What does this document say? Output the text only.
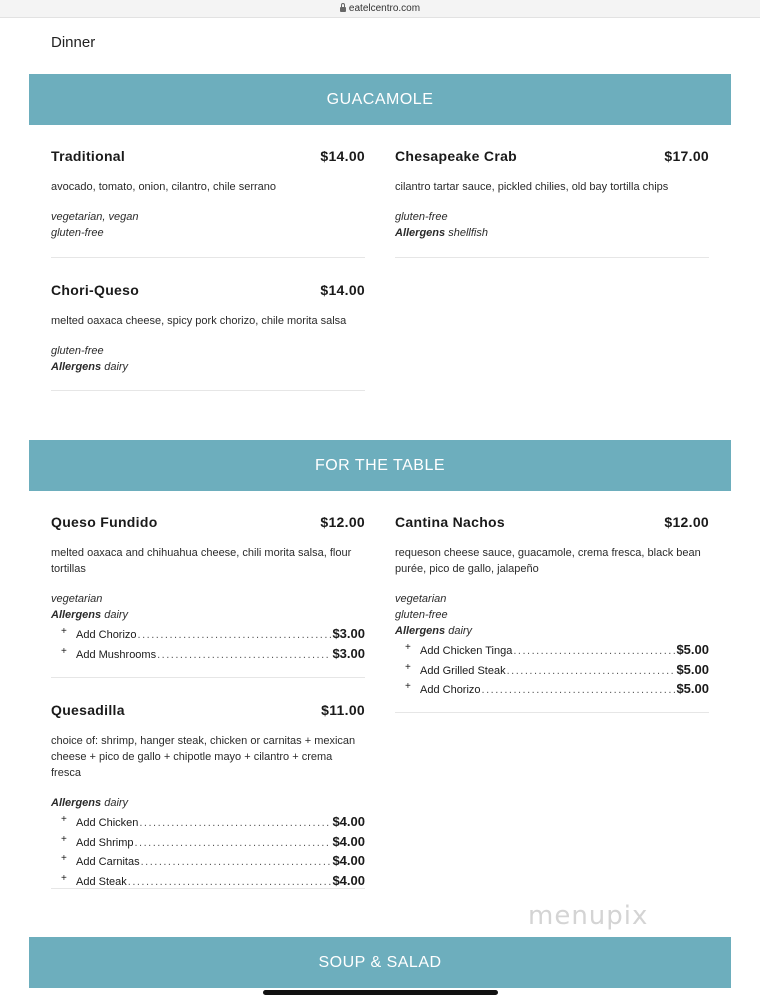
eatelcentro.com
Dinner
GUACAMOLE
Traditional	$14.00
avocado, tomato, onion, cilantro, chile serrano
vegetarian, vegan
gluten-free
Chesapeake Crab	$17.00
cilantro tartar sauce, pickled chilies, old bay tortilla chips
gluten-free
Allergens shellfish
Chori-Queso	$14.00
melted oaxaca cheese, spicy pork chorizo, chile morita salsa
gluten-free
Allergens dairy
FOR THE TABLE
Queso Fundido	$12.00
melted oaxaca and chihuahua cheese, chili morita salsa, flour tortillas
vegetarian
Allergens dairy
+ Add Chorizo .....	$3.00
+ Add Mushrooms .....	$3.00
Cantina Nachos	$12.00
requeson cheese sauce, guacamole, crema fresca, black bean purée, pico de gallo, jalapeño
vegetarian
gluten-free
Allergens dairy
+ Add Chicken Tinga .....	$5.00
+ Add Grilled Steak .....	$5.00
+ Add Chorizo .....	$5.00
Quesadilla	$11.00
choice of: shrimp, hanger steak, chicken or carnitas + mexican cheese + pico de gallo + chipotle mayo + cilantro + crema fresca
Allergens dairy
+ Add Chicken .....	$4.00
+ Add Shrimp .....	$4.00
+ Add Carnitas .....	$4.00
+ Add Steak .....	$4.00
menupix
SOUP & SALAD
